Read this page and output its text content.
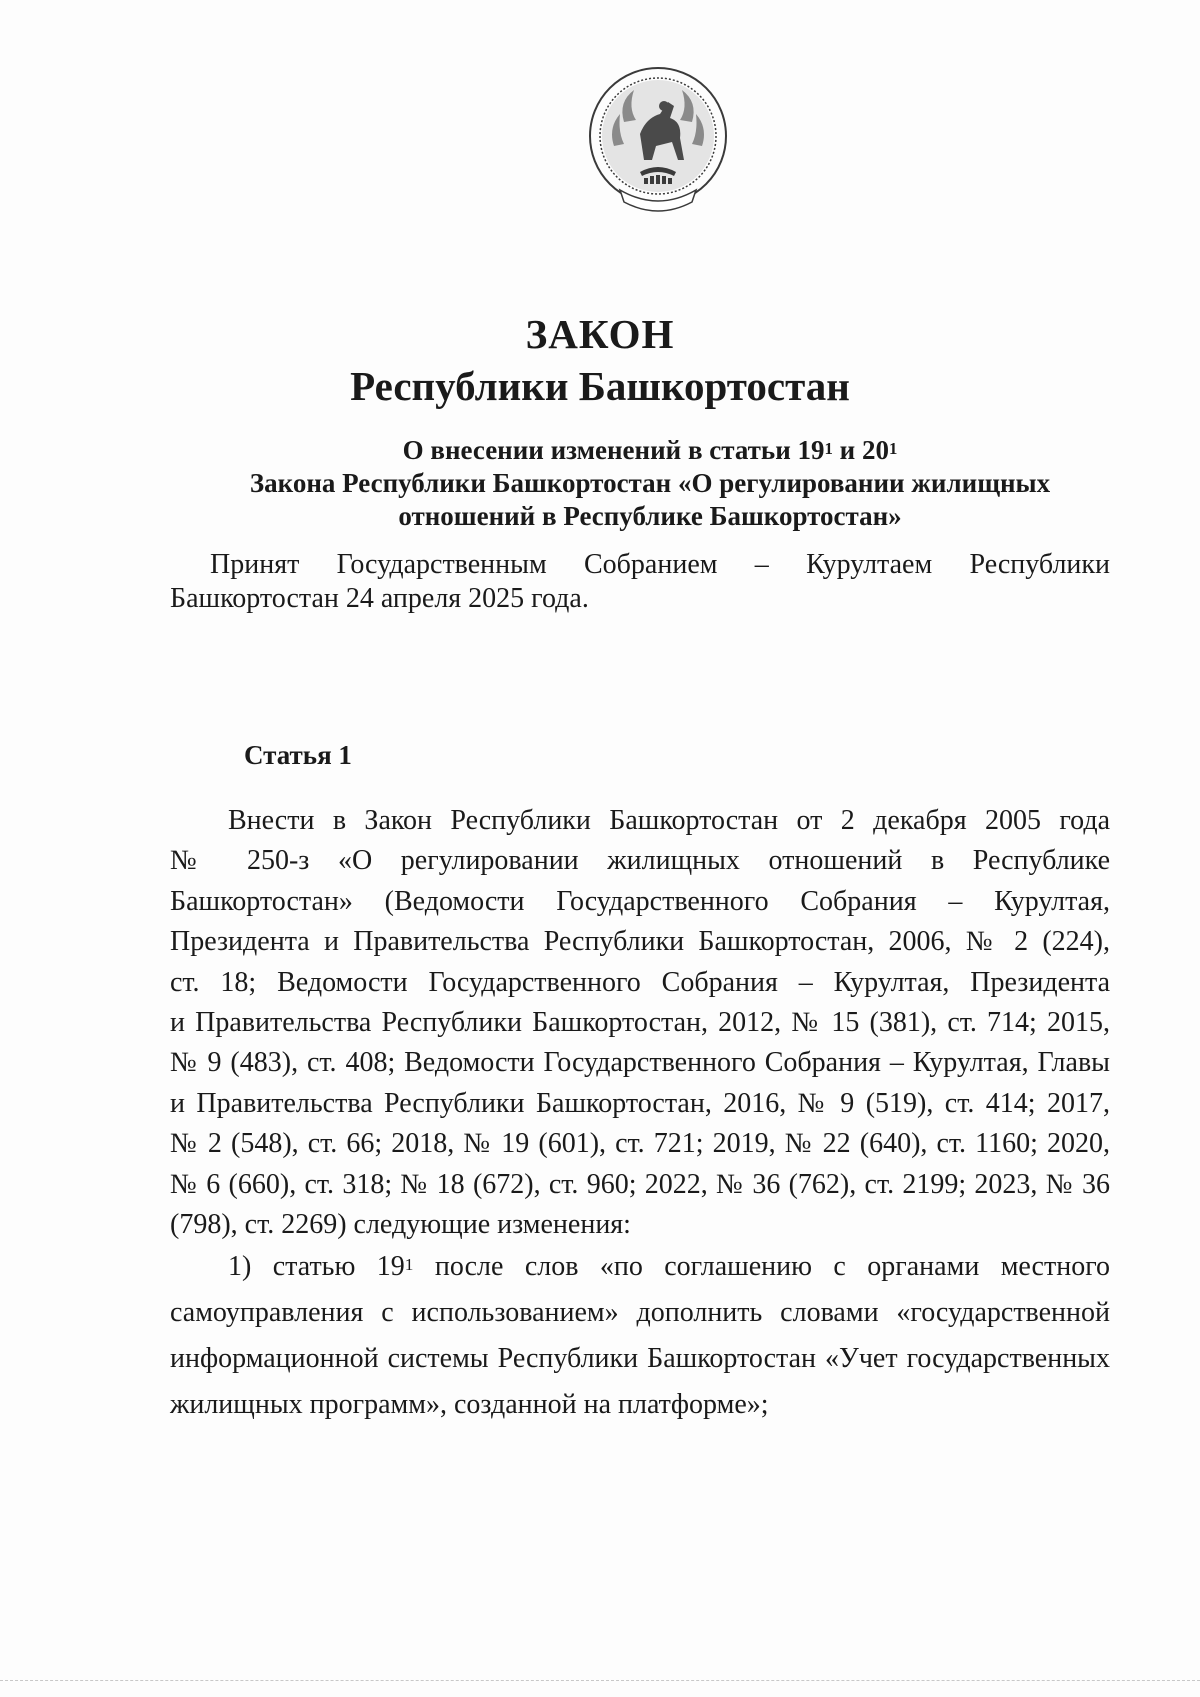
ЗАКОН
Республики Башкортостан
О внесении изменений в статьи $19^1$ и $20^1$
Закона Республики Башкортостан «О регулировании жилищных
отношений в Республике Башкортостан»
Принят Государственным Собранием – Курултаем Республики
Башкортостан 24 апреля 2025 года.
Статья 1
Внести в Закон Республики Башкортостан от 2 декабря 2005 года
№ 250-з «О регулировании жилищных отношений в Республике
Башкортостан» (Ведомости Государственного Собрания – Курултая,
Президента и Правительства Республики Башкортостан, 2006, № 2 (224),
ст. 18; Ведомости Государственного Собрания – Курултая, Президента
и Правительства Республики Башкортостан, 2012, № 15 (381), ст. 714; 2015,
№ 9 (483), ст. 408; Ведомости Государственного Собрания – Курултая, Главы
и Правительства Республики Башкортостан, 2016, № 9 (519), ст. 414; 2017,
№ 2 (548), ст. 66; 2018, № 19 (601), ст. 721; 2019, № 22 (640), ст. 1160; 2020,
№ 6 (660), ст. 318; № 18 (672), ст. 960; 2022, № 36 (762), ст. 2199; 2023, № 36
(798), ст. 2269) следующие изменения:
1) статью $19^1$ после слов «по соглашению с органами местного
самоуправления с использованием» дополнить словами «государственной
информационной системы Республики Башкортостан «Учет государственных
жилищных программ», созданной на платформе»;
